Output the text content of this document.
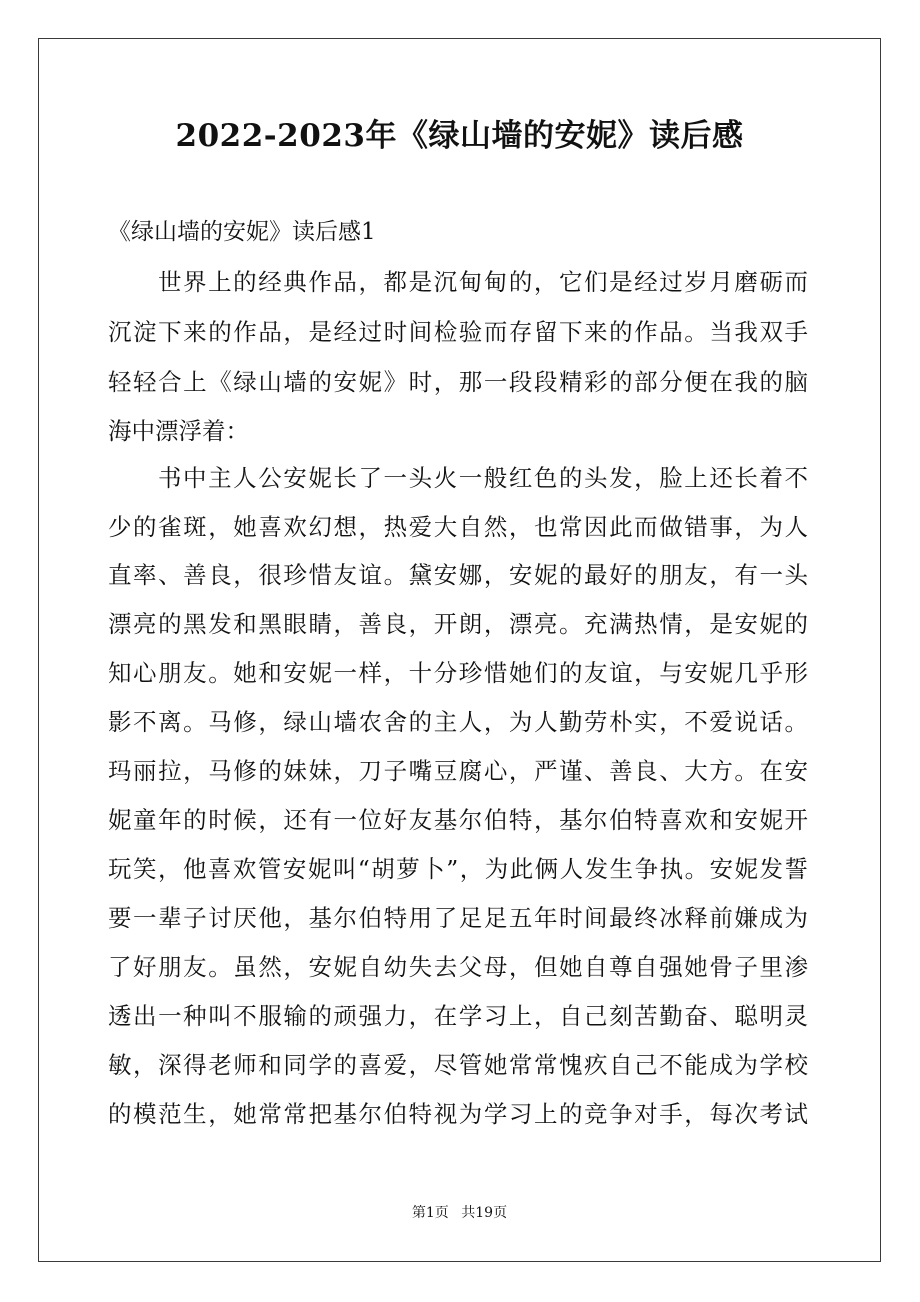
2022-2023年《绿山墙的安妮》读后感
《绿山墙的安妮》读后感1
世界上的经典作品，都是沉甸甸的，它们是经过岁月磨砺而
沉淀下来的作品，是经过时间检验而存留下来的作品。当我双手
轻轻合上《绿山墙的安妮》时，那一段段精彩的部分便在我的脑
海中漂浮着：
书中主人公安妮长了一头火一般红色的头发，脸上还长着不
少的雀斑，她喜欢幻想，热爱大自然，也常因此而做错事，为人
直率、善良，很珍惜友谊。黛安娜，安妮的最好的朋友，有一头
漂亮的黑发和黑眼睛，善良，开朗，漂亮。充满热情，是安妮的
知心朋友。她和安妮一样，十分珍惜她们的友谊，与安妮几乎形
影不离。马修，绿山墙农舍的主人，为人勤劳朴实，不爱说话。
玛丽拉，马修的妹妹，刀子嘴豆腐心，严谨、善良、大方。在安
妮童年的时候，还有一位好友基尔伯特，基尔伯特喜欢和安妮开
玩笑，他喜欢管安妮叫“胡萝卜”，为此俩人发生争执。安妮发誓
要一辈子讨厌他，基尔伯特用了足足五年时间最终冰释前嫌成为
了好朋友。虽然，安妮自幼失去父母，但她自尊自强她骨子里渗
透出一种叫不服输的顽强力，在学习上，自己刻苦勤奋、聪明灵
敏，深得老师和同学的喜爱，尽管她常常愧疚自己不能成为学校
的模范生，她常常把基尔伯特视为学习上的竞争对手，每次考试
第1页 共19页
